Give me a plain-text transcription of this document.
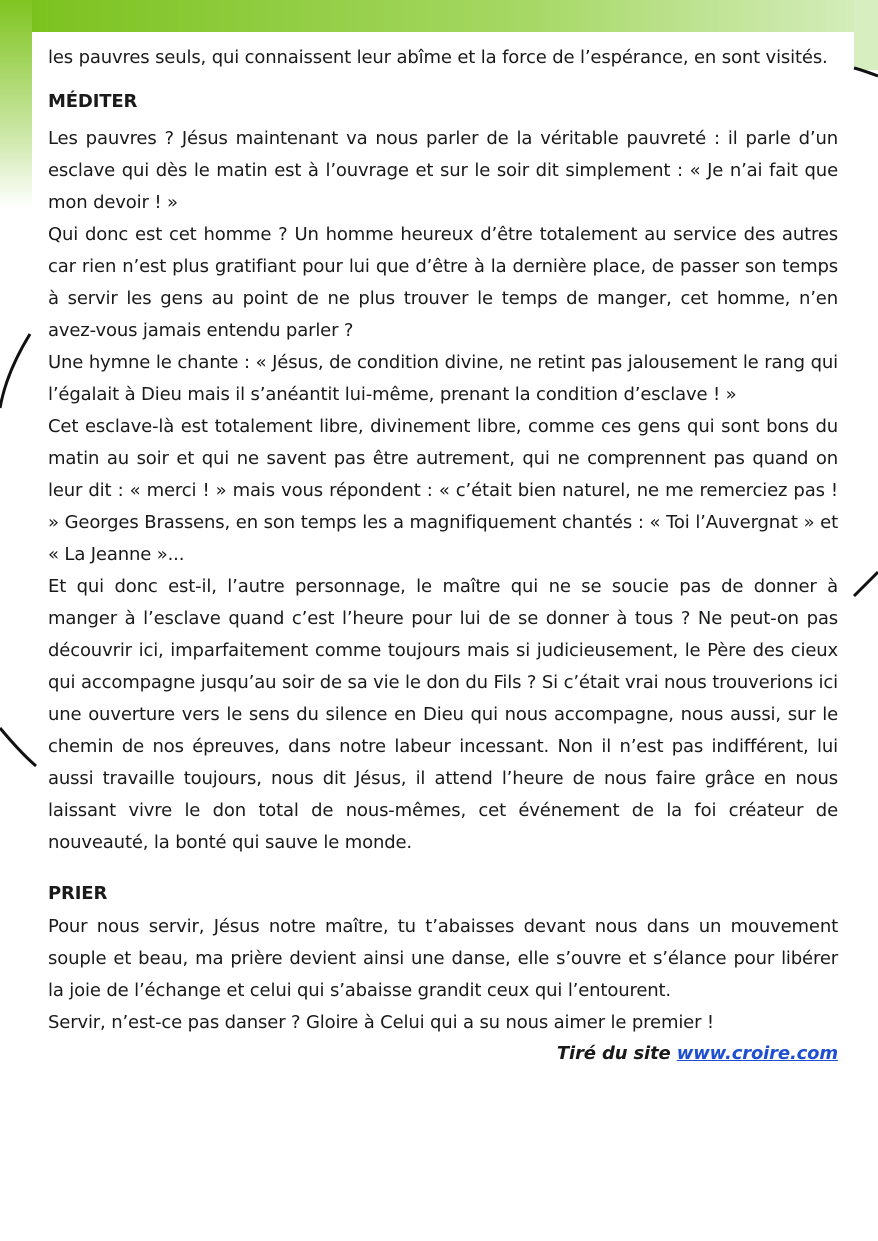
les pauvres seuls, qui connaissent leur abîme et la force de l’espérance, en sont visités.

MÉDITER

Les pauvres ? Jésus maintenant va nous parler de la véritable pauvreté : il parle d’un esclave qui dès le matin est à l’ouvrage et sur le soir dit simplement : « Je n’ai fait que mon devoir ! »

Qui donc est cet homme ? Un homme heureux d’être totalement au service des autres car rien n’est plus gratifiant pour lui que d’être à la dernière place, de passer son temps à servir les gens au point de ne plus trouver le temps de manger, cet homme, n’en avez-vous jamais entendu parler ?

Une hymne le chante : « Jésus, de condition divine, ne retint pas jalousement le rang qui l’égalait à Dieu mais il s’anéantit lui-même, prenant la condition d’esclave ! »

Cet esclave-là est totalement libre, divinement libre, comme ces gens qui sont bons du matin au soir et qui ne savent pas être autrement, qui ne comprennent pas quand on leur dit : « merci ! » mais vous répondent : « c’était bien naturel, ne me remerciez pas ! » Georges Brassens, en son temps les a magnifiquement chantés : « Toi l’Auvergnat » et « La Jeanne »...

Et qui donc est-il, l’autre personnage, le maître qui ne se soucie pas de donner à manger à l’esclave quand c’est l’heure pour lui de se donner à tous ? Ne peut-on pas découvrir ici, imparfaitement comme toujours mais si judicieusement, le Père des cieux qui accompagne jusqu’au soir de sa vie le don du Fils ? Si c’était vrai nous trouverions ici une ouverture vers le sens du silence en Dieu qui nous accompagne, nous aussi, sur le chemin de nos épreuves, dans notre labeur incessant. Non il n’est pas indifférent, lui aussi travaille toujours, nous dit Jésus, il attend l’heure de nous faire grâce en nous laissant vivre le don total de nous-mêmes, cet événement de la foi créateur de nouveauté, la bonté qui sauve le monde.

PRIER

Pour nous servir, Jésus notre maître, tu t’abaisses devant nous dans un mouvement souple et beau, ma prière devient ainsi une danse, elle s’ouvre et s’élance pour libérer la joie de l’échange et celui qui s’abaisse grandit ceux qui l’entourent.

Servir, n’est-ce pas danser ? Gloire à Celui qui a su nous aimer le premier !

Tiré du site www.croire.com
